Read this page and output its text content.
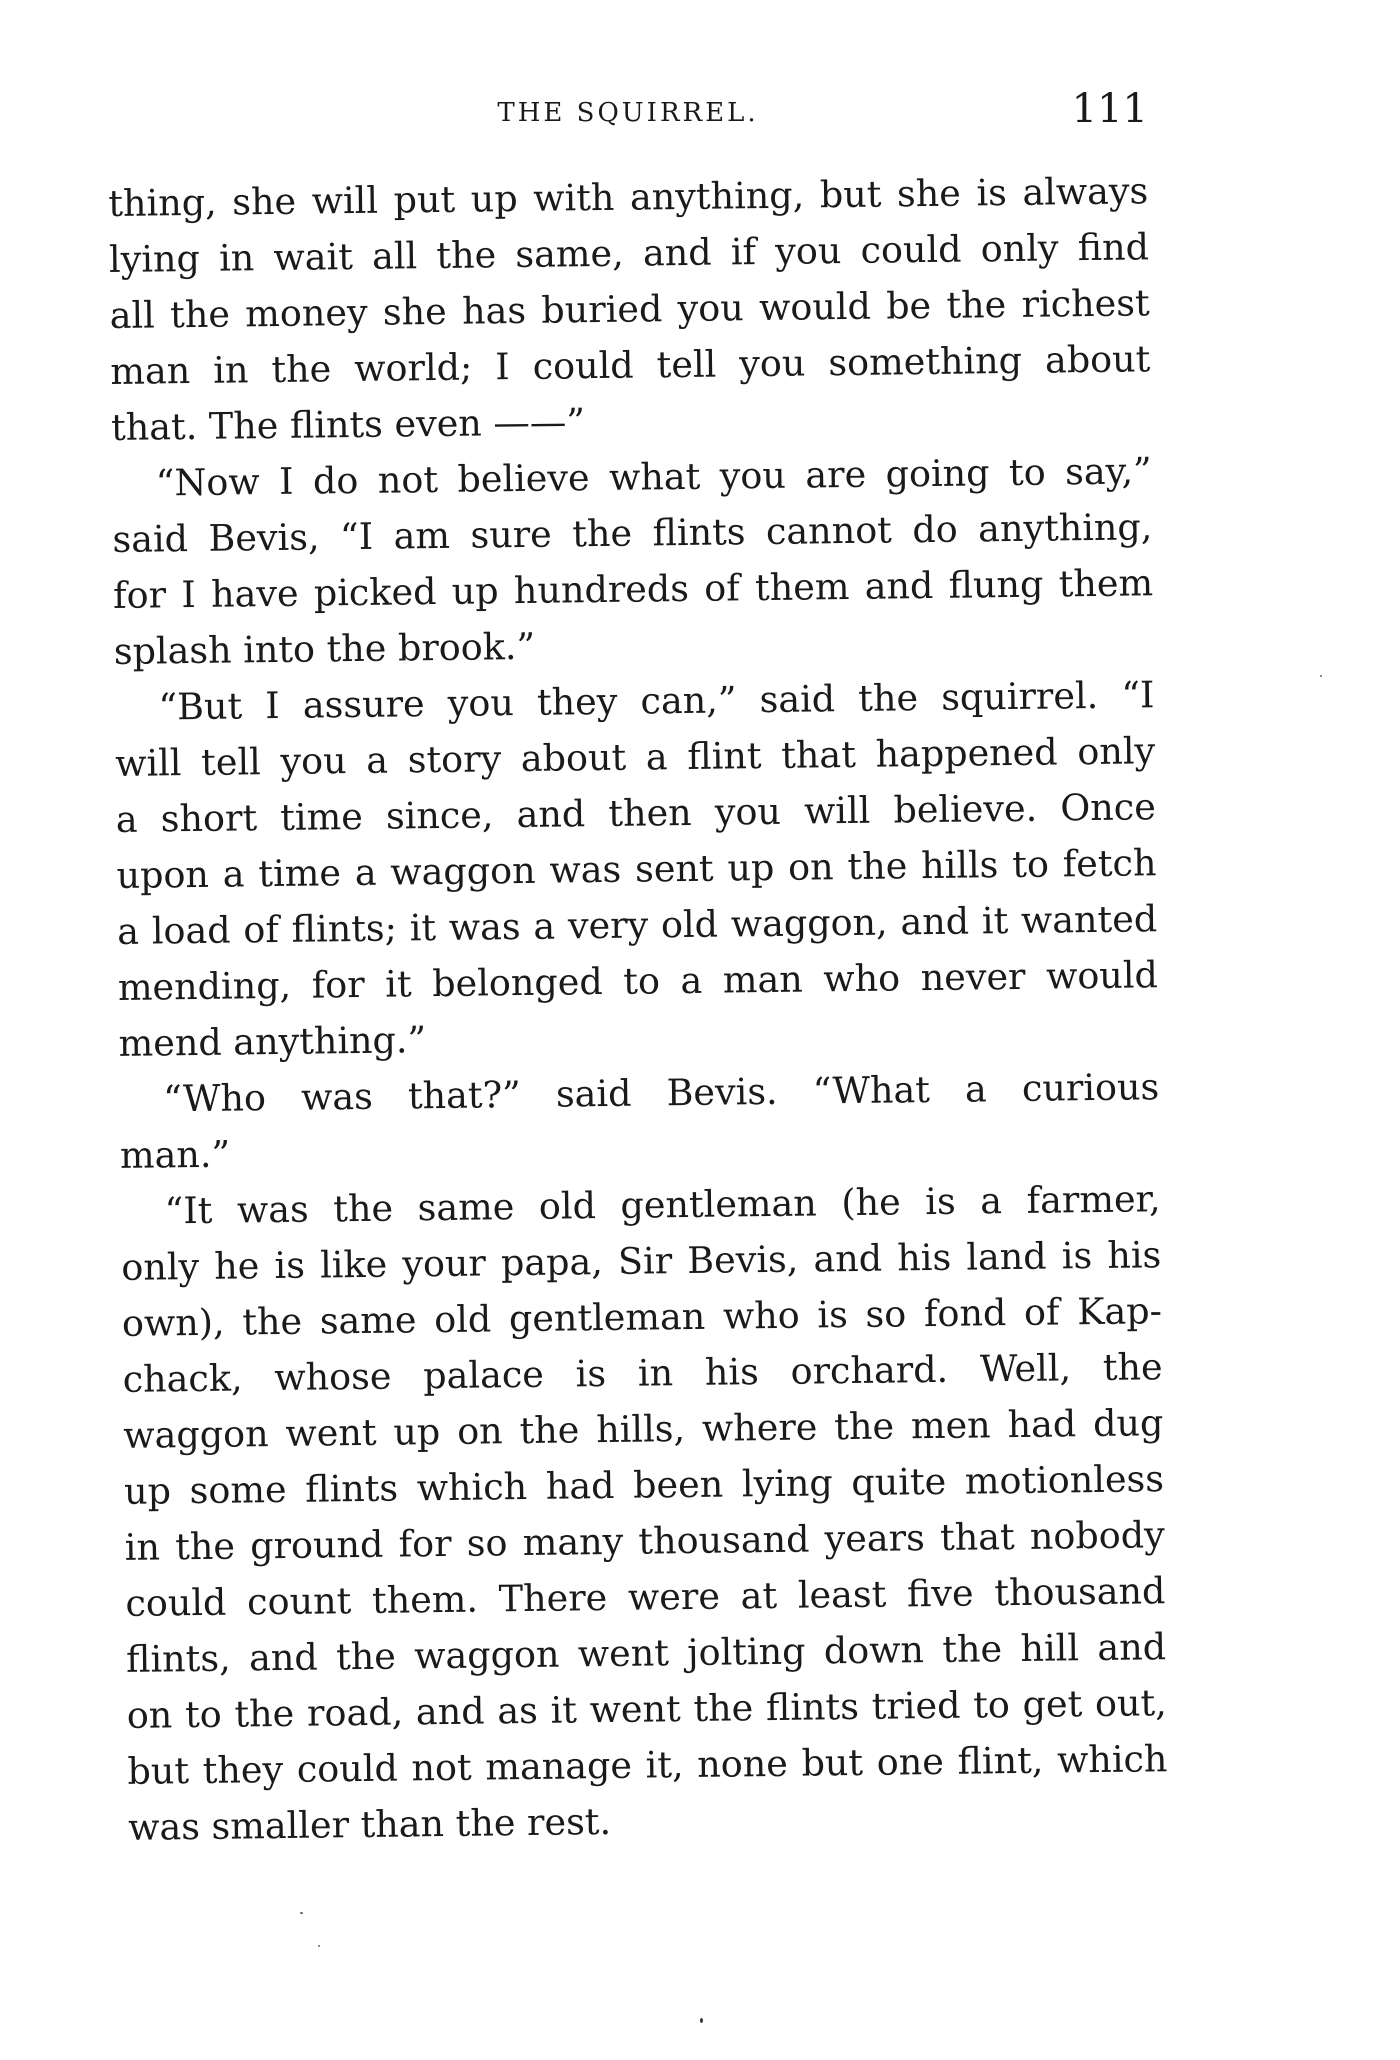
THE SQUIRREL.	111
thing, she will put up with anything, but she is always
lying in wait all the same, and if you could only find
all the money she has buried you would be the richest
man in the world; I could tell you something about
that. The flints even ——”
“Now I do not believe what you are going to say,”
said Bevis, “I am sure the flints cannot do anything,
for I have picked up hundreds of them and flung them
splash into the brook.”
“But I assure you they can,” said the squirrel. “I
will tell you a story about a flint that happened only
a short time since, and then you will believe. Once
upon a time a waggon was sent up on the hills to fetch
a load of flints; it was a very old waggon, and it wanted
mending, for it belonged to a man who never would
mend anything.”
“Who was that?” said Bevis. “What a curious
man.”
“It was the same old gentleman (he is a farmer,
only he is like your papa, Sir Bevis, and his land is his
own), the same old gentleman who is so fond of Kap-
chack, whose palace is in his orchard. Well, the
waggon went up on the hills, where the men had dug
up some flints which had been lying quite motionless
in the ground for so many thousand years that nobody
could count them. There were at least five thousand
flints, and the waggon went jolting down the hill and
on to the road, and as it went the flints tried to get out,
but they could not manage it, none but one flint, which
was smaller than the rest.
